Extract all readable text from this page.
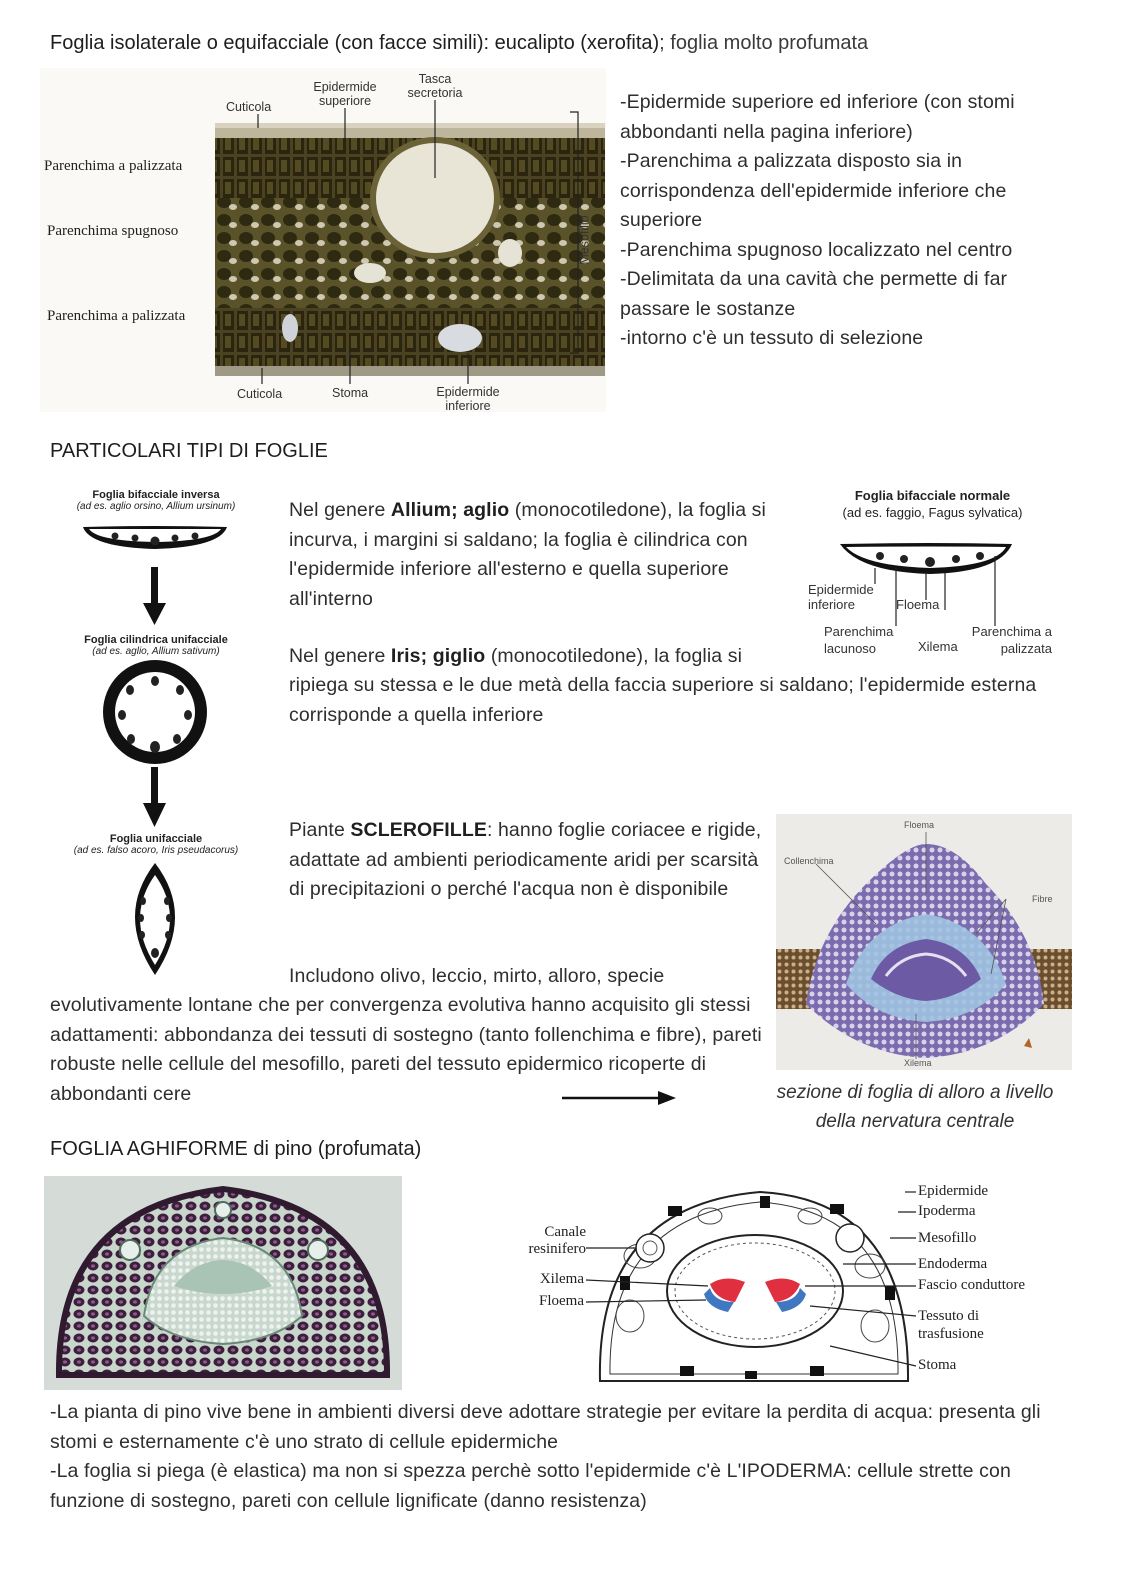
Foglia isolaterale o equifacciale (con facce simili): eucalipto (xerofita); foglia molto profumata
Parenchima a palizzata
Parenchima spugnoso
Parenchima a palizzata
Cuticola
Epidermide superiore
Tasca secretoria
Mesofillo
Cuticola	Stoma	Epidermide inferiore
-Epidermide superiore ed inferiore (con stomi abbondanti nella pagina inferiore)
-Parenchima a palizzata disposto sia in corrispondenza dell'epidermide inferiore che superiore
-Parenchima spugnoso localizzato nel centro
-Delimitata da una cavità che permette di far passare le sostanze
-intorno c'è un tessuto di selezione
PARTICOLARI TIPI DI FOGLIE
Foglia bifacciale inversa
(ad es. aglio orsino, Allium ursinum)
Foglia cilindrica unifacciale
(ad es. aglio, Allium sativum)
Foglia unifacciale
(ad es. falso acoro, Iris pseudacorus)
Nel genere Allium; aglio (monocotiledone), la foglia si incurva, i margini si saldano; la foglia è cilindrica con l'epidermide inferiore all'esterno e quella superiore all'interno
Foglia bifacciale normale
(ad es. faggio, Fagus sylvatica)
Epidermide inferiore	Floema
Parenchima lacunoso	Xilema
Parenchima a palizzata
Nel genere Iris; giglio (monocotiledone), la foglia si
ripiega su stessa e le due metà della faccia superiore si saldano; l'epidermide esterna corrisponde a quella inferiore
Piante SCLEROFILLE: hanno foglie coriacee e rigide, adattate ad ambienti periodicamente aridi per scarsità di precipitazioni o perché l'acqua non è disponibile
Includono olivo, leccio, mirto, alloro, specie
evolutivamente lontane che per convergenza evolutiva hanno acquisito gli stessi adattamenti: abbondanza dei tessuti di sostegno (tanto follenchima e fibre), pareti robuste nelle cellule del mesofillo, pareti del tessuto epidermico ricoperte di abbondanti cere
Floema
Collenchima
Fibre
Xilema
sezione di foglia di alloro a livello della nervatura centrale
FOGLIA AGHIFORME di pino (profumata)
Canale resinifero
Xilema
Floema
Epidermide
Ipoderma
Mesofillo
Endoderma
Fascio conduttore
Tessuto di trasfusione
Stoma
-La pianta di pino vive bene in ambienti diversi deve adottare strategie per evitare la perdita di acqua: presenta gli stomi e esternamente c'è uno strato di cellule epidermiche
-La foglia si piega (è elastica) ma non si spezza perchè sotto l'epidermide c'è L'IPODERMA: cellule strette con funzione di sostegno, pareti con cellule lignificate (danno resistenza)
